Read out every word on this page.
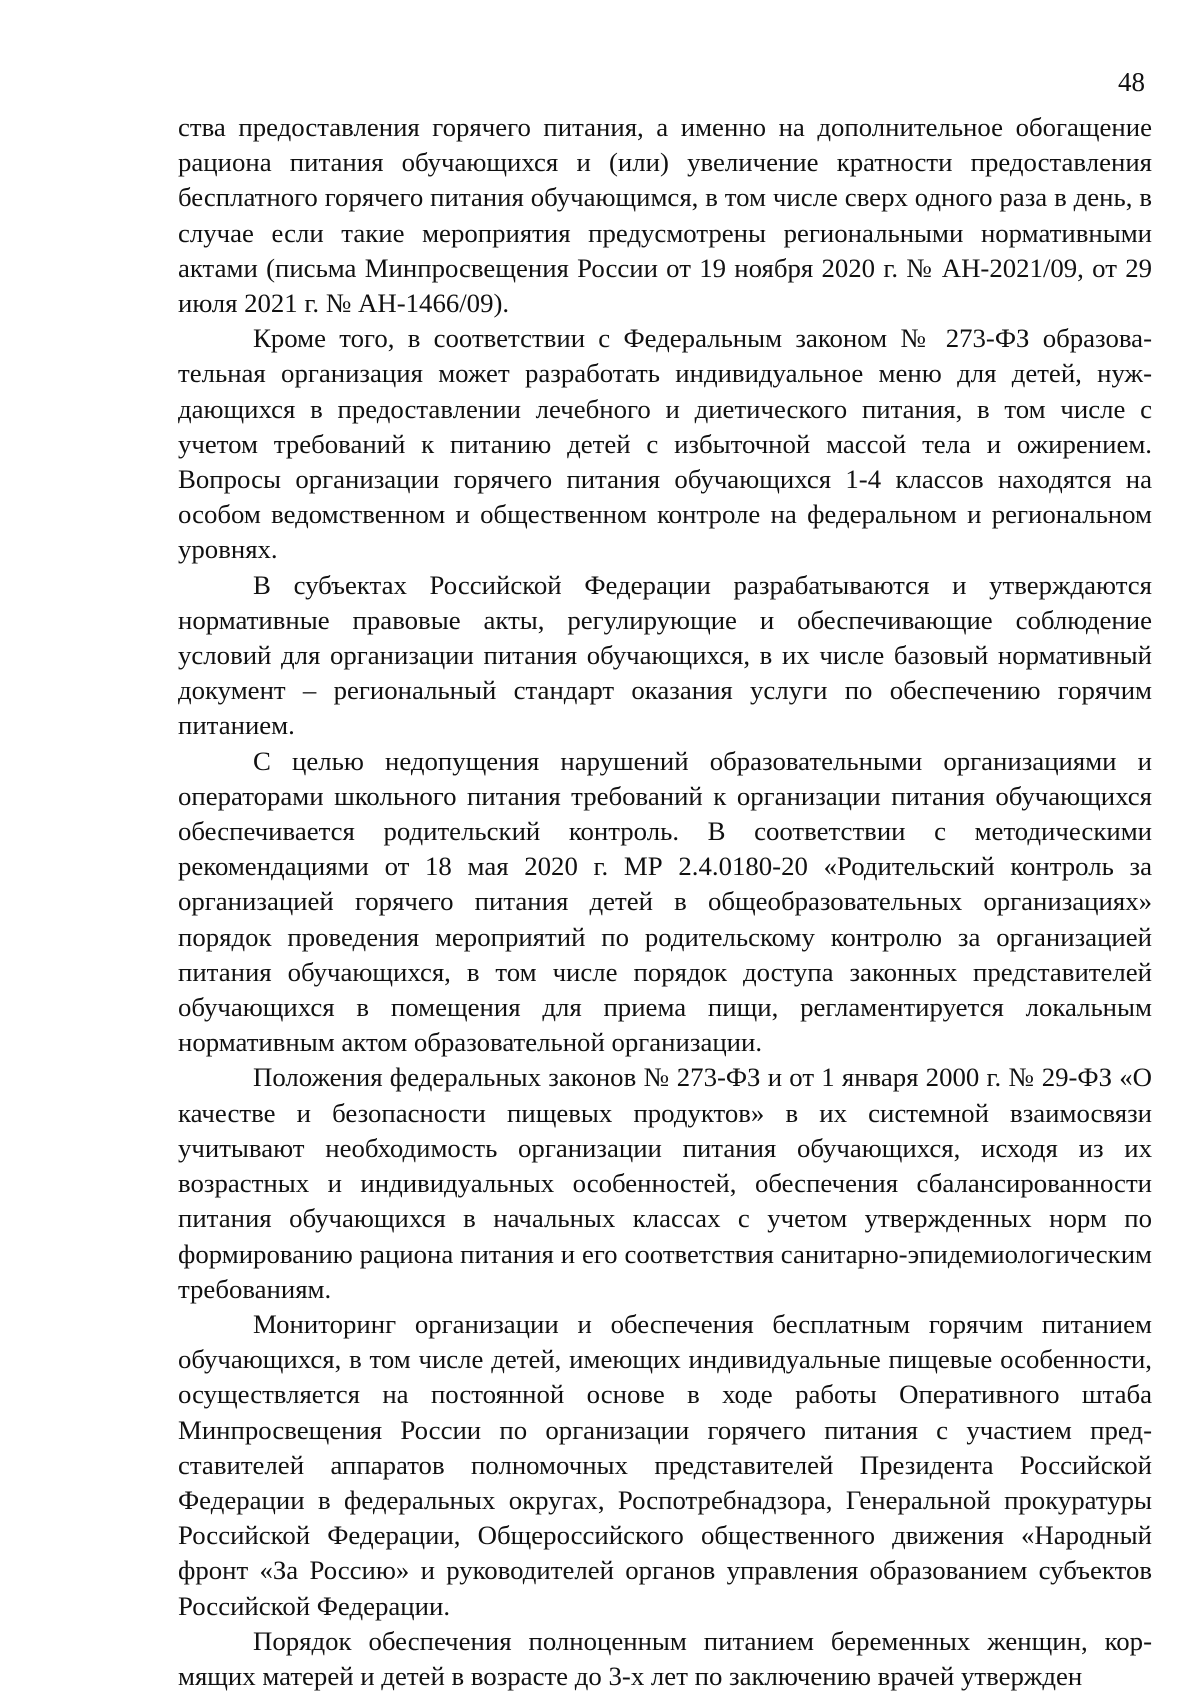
48

ства предоставления горячего питания, а именно на дополнительное обогащение рациона питания обучающихся и (или) увеличение кратности предоставления бесплатного горячего питания обучающимся, в том числе сверх одного раза в день, в случае если такие мероприятия предусмотрены региональными нормативными актами (письма Минпросвещения России от 19 ноября 2020 г. № АН-2021/09, от 29 июля 2021 г. № АН-1466/09).

Кроме того, в соответствии с Федеральным законом № 273-ФЗ образовательная организация может разработать индивидуальное меню для детей, нуждающихся в предоставлении лечебного и диетического питания, в том числе с учетом требований к питанию детей с избыточной массой тела и ожирением. Вопросы организации горячего питания обучающихся 1-4 классов находятся на особом ведомственном и общественном контроле на федеральном и региональном уровнях.

В субъектах Российской Федерации разрабатываются и утверждаются нормативные правовые акты, регулирующие и обеспечивающие соблюдение условий для организации питания обучающихся, в их числе базовый нормативный документ – региональный стандарт оказания услуги по обеспечению горячим питанием.

С целью недопущения нарушений образовательными организациями и операторами школьного питания требований к организации питания обучающихся обеспечивается родительский контроль. В соответствии с методическими рекомендациями от 18 мая 2020 г. МР 2.4.0180-20 «Родительский контроль за организацией горячего питания детей в общеобразовательных организациях» порядок проведения мероприятий по родительскому контролю за организацией питания обучающихся, в том числе порядок доступа законных представителей обучающихся в помещения для приема пищи, регламентируется локальным нормативным актом образовательной организации.

Положения федеральных законов № 273-ФЗ и от 1 января 2000 г. № 29-ФЗ «О качестве и безопасности пищевых продуктов» в их системной взаимосвязи учитывают необходимость организации питания обучающихся, исходя из их возрастных и индивидуальных особенностей, обеспечения сбалансированности питания обучающихся в начальных классах с учетом утвержденных норм по формированию рациона питания и его соответствия санитарно-эпидемиологическим требованиям.

Мониторинг организации и обеспечения бесплатным горячим питанием обучающихся, в том числе детей, имеющих индивидуальные пищевые особенности, осуществляется на постоянной основе в ходе работы Оперативного штаба Минпросвещения России по организации горячего питания с участием представителей аппаратов полномочных представителей Президента Российской Федерации в федеральных округах, Роспотребнадзора, Генеральной прокуратуры Российской Федерации, Общероссийского общественного движения «Народный фронт «За Россию» и руководителей органов управления образованием субъектов Российской Федерации.

Порядок обеспечения полноценным питанием беременных женщин, кормящих матерей и детей в возрасте до 3-х лет по заключению врачей утвержден
